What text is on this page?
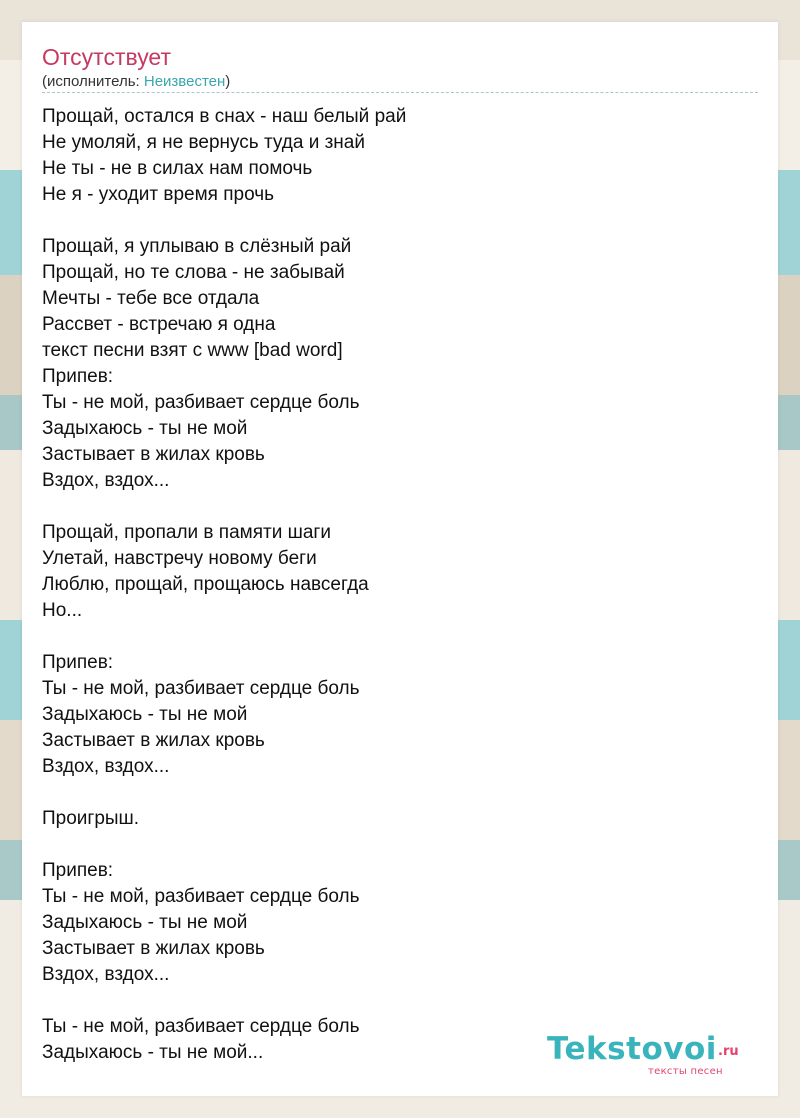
Отсутствует
(исполнитель: Неизвестен)
Прощай, остался в снах - наш белый рай
Не умоляй, я не вернусь туда и знай
Не ты - не в силах нам помочь
Не я - уходит время прочь
Прощай, я уплываю в слёзный рай
Прощай, но те слова - не забывай
Мечты - тебе все отдала
Рассвет - встречаю я одна
текст песни взят с www [bad word]
Припев:
Ты - не мой, разбивает сердце боль
Задыхаюсь - ты не мой
Застывает в жилах кровь
Вздох, вздох...
Прощай, пропали в памяти шаги
Улетай, навстречу новому беги
Люблю, прощай, прощаюсь навсегда
Но...
Припев:
Ты - не мой, разбивает сердце боль
Задыхаюсь - ты не мой
Застывает в жилах кровь
Вздох, вздох...
Проигрыш.
Припев:
Ты - не мой, разбивает сердце боль
Задыхаюсь - ты не мой
Застывает в жилах кровь
Вздох, вздох...
Ты - не мой, разбивает сердце боль
Задыхаюсь - ты не мой...	Tekstovoi .ru
тексты песен
